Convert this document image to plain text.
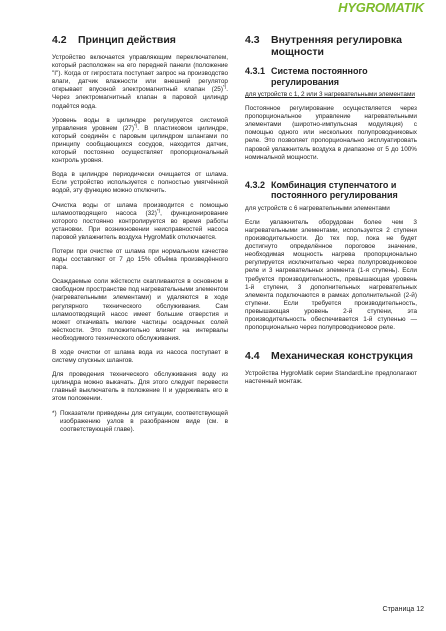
HYGROMATIK
4.2	Принцип действия

Устройство включается управляющим переключателем, который расположен на его передней панели (положение "I"). Когда от гигростата поступает запрос на производство влаги, датчик влажности или внешний регулятор открывает впускной электромагнитный клапан (25)*). Через электромагнитный клапан в паровой цилиндр подаётся вода.

Уровень воды в цилиндре регулируется системой управления уровнем (27)*). В пластиковом цилиндре, который соединён с паровым цилиндром шлангами по принципу сообщающихся сосудов, находится датчик, который постоянно осуществляет пропорциональный контроль уровня.

Вода в цилиндре периодически очищается от шлама. Если устройство используется с полностью умягчённой водой, эту функцию можно отключить.

Очистка воды от шлама производится с помощью шламоотводящего насоса (32)*), функционирование которого постоянно контролируется во время работы установки. При возникновении неисправностей насоса паровой увлажнитель воздуха HygroMatik отключается.

Потери при очистке от шлама при нормальном качестве воды составляют от 7 до 15% объёма произведённого пара.

Осаждаемые соли жёсткости скапливаются в основном в свободном пространстве под нагревательными элементом (нагревательными элементами) и удаляются в ходе регулярного технического обслуживания. Сам шламоотводящий насос имеет большие отверстия и может откачивать мелкие частицы осадочных солей жёсткости. Это положительно влияет на интервалы необходимого технического обслуживания.

В ходе очистки от шлама вода из насоса поступает в систему спускных шлангов.

Для проведения технического обслуживания воду из цилиндра можно выкачать. Для этого следует перевести главный выключатель в положение II и удерживать его в этом положении.

*) Показатели приведены для ситуации, соответствующей изображению узлов в разобранном виде (см. в соответствующей главе).

4.3	Внутренняя регулировка мощности
4.3.1 Система постоянного регулирования

для устройств с 1, 2 или 3 нагревательными элементами

Постоянное регулирование осуществляется через пропорциональное управление нагревательными элементами (широтно-импульсная модуляция) с помощью одного или нескольких полупроводниковых реле. Это позволяет пропорционально эксплуатировать паровой увлажнитель воздуха в диапазоне от 5 до 100% номинальной мощности.

4.3.2 Комбинация ступенчатого и постоянного регулирования

для устройств с 6 нагревательными элементами

Если увлажнитель оборудован более чем 3 нагревательными элементами, используется 2 ступени производительности. До тех пор, пока не будет достигнуто определённое пороговое значение, необходимая мощность нагрева пропорционально регулируется исключительно через полупроводниковое реле и 3 нагревательных элемента (1-я ступень). Если требуется производительность, превышающая уровень 1-й ступени, 3 дополнительных нагревательных элемента подключаются в рамках дополнительной (2-й) ступени. Если требуется производительность, превышающая уровень 2-й ступени, эта производительность обеспечивается 1-й ступенью — пропорционально через полупроводниковое реле.

4.4	Механическая конструкция

Устройства HygroMatik серии StandardLine предполагают настенный монтаж.

Страница 12
